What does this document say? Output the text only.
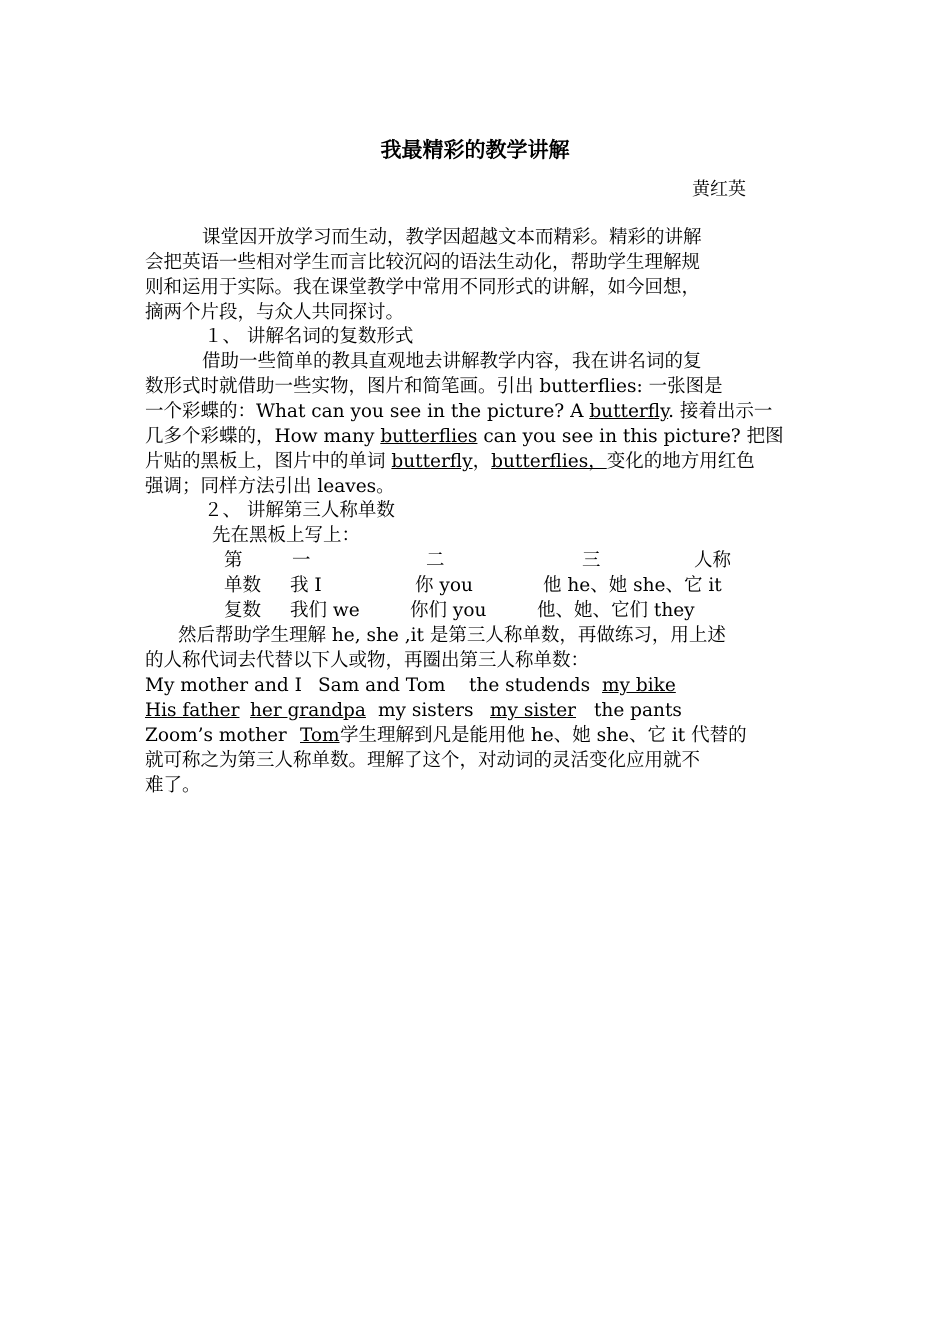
我最精彩的教学讲解
黄红英
课堂因开放学习而生动，教学因超越文本而精彩。精彩的讲解
会把英语一些相对学生而言比较沉闷的语法生动化，帮助学生理解规
则和运用于实际。我在课堂教学中常用不同形式的讲解，如今回想，
摘两个片段，与众人共同探讨。
１、 讲解名词的复数形式
借助一些简单的教具直观地去讲解教学内容，我在讲名词的复
数形式时就借助一些实物，图片和简笔画。引出 butterflies: 一张图是
一个彩蝶的：What can you see in the picture? A butterfly. 接着出示一
几多个彩蝶的，How many butterflies can you see in this picture? 把图
片贴的黑板上，图片中的单词 butterfly，butterflies，变化的地方用红色
强调；同样方法引出 leaves。
２、 讲解第三人称单数
先在黑板上写上：
第	一	二	三	人称
单数 我 I	你 you	他 he、她 she、它 it
复数 我们 we	你们 you	他、她、它们 they
然后帮助学生理解 he, she ,it 是第三人称单数，再做练习，用上述
的人称代词去代替以下人或物，再圈出第三人称单数：
My mother and I Sam and Tom the studends my bike
His father her grandpa my sisters my sister the pants
Zoom’s mother Tom 学生理解到凡是能用他 he、她 she、它 it 代替的
就可称之为第三人称单数。理解了这个，对动词的灵活变化应用就不
难了。
